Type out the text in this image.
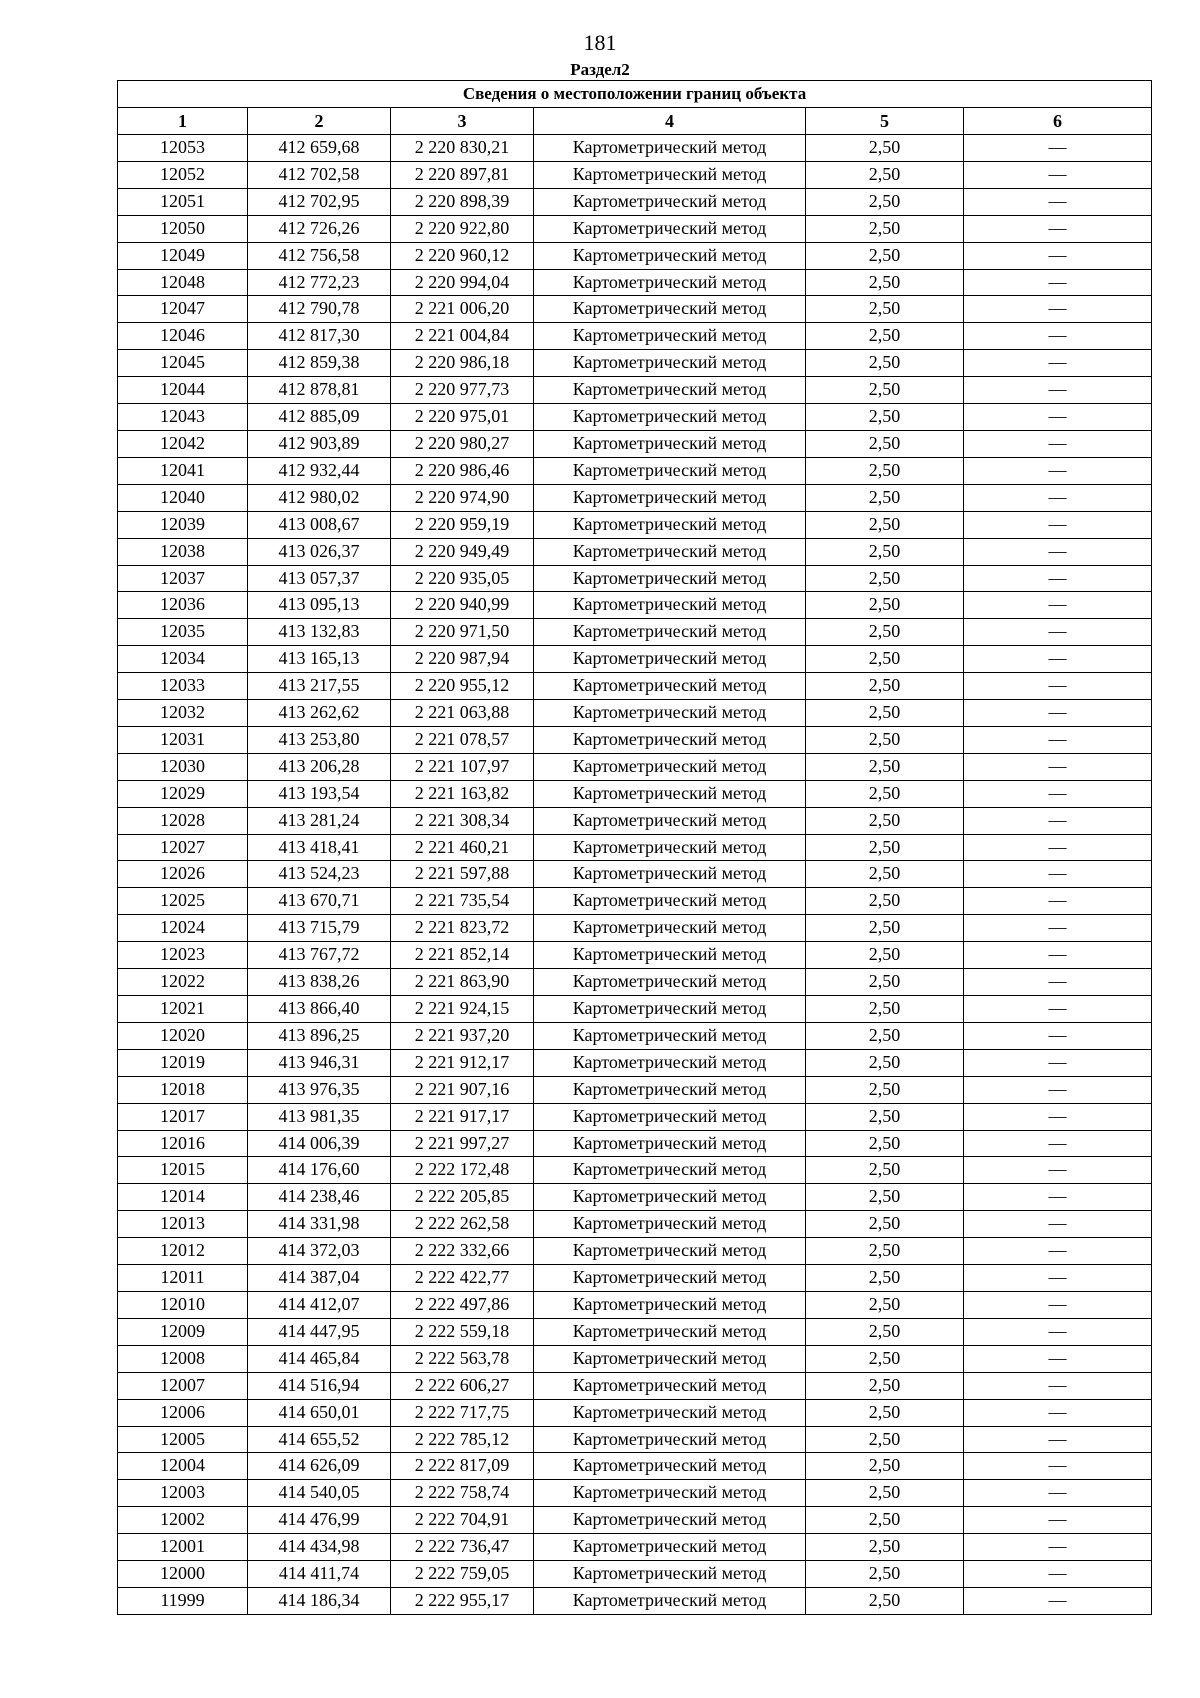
181
Раздел2
Сведения о местоположении границ объекта					
1	2	3	4	5	6
12053	412 659,68	2 220 830,21	Картометрический метод	2,50	—
12052	412 702,58	2 220 897,81	Картометрический метод	2,50	—
12051	412 702,95	2 220 898,39	Картометрический метод	2,50	—
12050	412 726,26	2 220 922,80	Картометрический метод	2,50	—
12049	412 756,58	2 220 960,12	Картометрический метод	2,50	—
12048	412 772,23	2 220 994,04	Картометрический метод	2,50	—
12047	412 790,78	2 221 006,20	Картометрический метод	2,50	—
12046	412 817,30	2 221 004,84	Картометрический метод	2,50	—
12045	412 859,38	2 220 986,18	Картометрический метод	2,50	—
12044	412 878,81	2 220 977,73	Картометрический метод	2,50	—
12043	412 885,09	2 220 975,01	Картометрический метод	2,50	—
12042	412 903,89	2 220 980,27	Картометрический метод	2,50	—
12041	412 932,44	2 220 986,46	Картометрический метод	2,50	—
12040	412 980,02	2 220 974,90	Картометрический метод	2,50	—
12039	413 008,67	2 220 959,19	Картометрический метод	2,50	—
12038	413 026,37	2 220 949,49	Картометрический метод	2,50	—
12037	413 057,37	2 220 935,05	Картометрический метод	2,50	—
12036	413 095,13	2 220 940,99	Картометрический метод	2,50	—
12035	413 132,83	2 220 971,50	Картометрический метод	2,50	—
12034	413 165,13	2 220 987,94	Картометрический метод	2,50	—
12033	413 217,55	2 220 955,12	Картометрический метод	2,50	—
12032	413 262,62	2 221 063,88	Картометрический метод	2,50	—
12031	413 253,80	2 221 078,57	Картометрический метод	2,50	—
12030	413 206,28	2 221 107,97	Картометрический метод	2,50	—
12029	413 193,54	2 221 163,82	Картометрический метод	2,50	—
12028	413 281,24	2 221 308,34	Картометрический метод	2,50	—
12027	413 418,41	2 221 460,21	Картометрический метод	2,50	—
12026	413 524,23	2 221 597,88	Картометрический метод	2,50	—
12025	413 670,71	2 221 735,54	Картометрический метод	2,50	—
12024	413 715,79	2 221 823,72	Картометрический метод	2,50	—
12023	413 767,72	2 221 852,14	Картометрический метод	2,50	—
12022	413 838,26	2 221 863,90	Картометрический метод	2,50	—
12021	413 866,40	2 221 924,15	Картометрический метод	2,50	—
12020	413 896,25	2 221 937,20	Картометрический метод	2,50	—
12019	413 946,31	2 221 912,17	Картометрический метод	2,50	—
12018	413 976,35	2 221 907,16	Картометрический метод	2,50	—
12017	413 981,35	2 221 917,17	Картометрический метод	2,50	—
12016	414 006,39	2 221 997,27	Картометрический метод	2,50	—
12015	414 176,60	2 222 172,48	Картометрический метод	2,50	—
12014	414 238,46	2 222 205,85	Картометрический метод	2,50	—
12013	414 331,98	2 222 262,58	Картометрический метод	2,50	—
12012	414 372,03	2 222 332,66	Картометрический метод	2,50	—
12011	414 387,04	2 222 422,77	Картометрический метод	2,50	—
12010	414 412,07	2 222 497,86	Картометрический метод	2,50	—
12009	414 447,95	2 222 559,18	Картометрический метод	2,50	—
12008	414 465,84	2 222 563,78	Картометрический метод	2,50	—
12007	414 516,94	2 222 606,27	Картометрический метод	2,50	—
12006	414 650,01	2 222 717,75	Картометрический метод	2,50	—
12005	414 655,52	2 222 785,12	Картометрический метод	2,50	—
12004	414 626,09	2 222 817,09	Картометрический метод	2,50	—
12003	414 540,05	2 222 758,74	Картометрический метод	2,50	—
12002	414 476,99	2 222 704,91	Картометрический метод	2,50	—
12001	414 434,98	2 222 736,47	Картометрический метод	2,50	—
12000	414 411,74	2 222 759,05	Картометрический метод	2,50	—
11999	414 186,34	2 222 955,17	Картометрический метод	2,50	—
